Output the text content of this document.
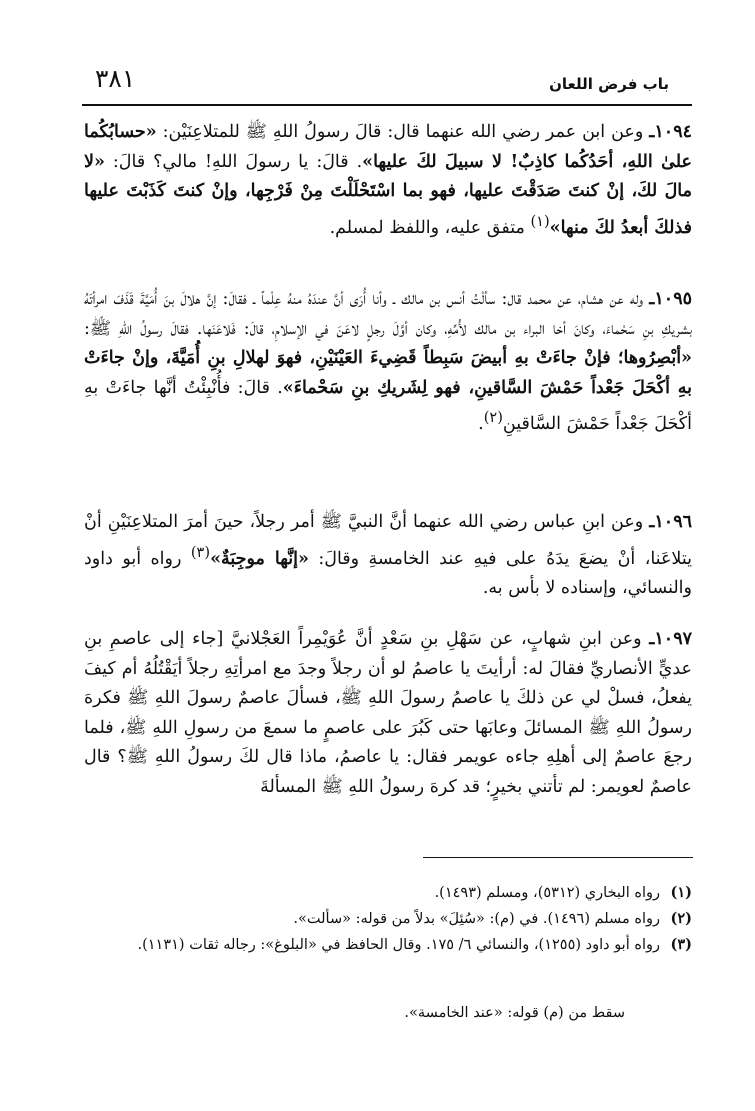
باب فرض اللعان
٣٨١

١٠٩٤ـ وعن ابن عمر رضي الله عنهما قال: قالَ رسولُ اللهِ ﷺ للمتلاعِنَيْن: «حسابُكُما علىٰ اللهِ، أحَدُكُما كاذِبٌ! لا سبيلَ لكَ عليها». قالَ: يا رسولَ اللهِ! مالي؟ قالَ: «لا مالَ لكَ، إنْ كنتَ صَدَقْتَ عليها، فهو بما اسْتَحْلَلْتَ مِنْ فَرْجِها، وإنْ كنتَ كَذَبْتَ عليها فذلكَ أبعدُ لكَ منها»$^{(١)}$ متفق عليه، واللفظ لمسلم.

١٠٩٥ـ وله عن هشام، عن محمد قال: سألْتُ أنس بن مالك ـ وأنا أُرَى أنَّ عندَهُ منهُ عِلْماً ـ فقالَ: إنَّ هلالَ بنَ أُمَيَّةَ قَذَفَ امرأتَهُ بشريكِ بنِ سَحْماءَ، وكانَ أخا البراء بن مالك لأُمِّهِ، وكان أوَّلَ رجلٍ لاعَنَ في الإسلامِ، قالَ: فَلاعَنَها. فقالَ رسولُ اللهِ ﷺ: «أبْصِرُوها؛ فإنْ جاءَتْ بهِ أبيضَ سَبِطاً قَضِيءَ العَيْنَيْنِ، فهوَ لهلالِ بنِ أُمَيَّةَ، وإنْ جاءَتْ بهِ أكْحَلَ جَعْداً حَمْشَ السَّاقينِ، فهو لِشَريكِ بنِ سَحْماءَ». قالَ: فأُنْبِئْتُ أنَّها جاءَتْ بهِ أكْحَلَ جَعْداً حَمْشَ السَّاقينِ$^{(٢)}$.

١٠٩٦ـ وعن ابنِ عباس رضي الله عنهما أنَّ النبيَّ ﷺ أمر رجلاً، حينَ أمرَ المتلاعِنَيْنِ أنْ يتلاعَنا، أنْ يضعَ يدَهُ على فيهِ عند الخامسةِ وقالَ: «إنَّها موجِبَةٌ»$^{(٣)}$ رواه أبو داود والنسائي، وإسناده لا بأس به.

١٠٩٧ـ وعن ابنِ شهابٍ، عن سَهْلِ بنِ سَعْدٍ أنَّ عُوَيْمِراً العَجْلانيَّ [جاء إلى عاصمِ بنِ عديٍّ الأنصاريِّ فقالَ له: أرأيتَ يا عاصمُ لو أن رجلاً وجدَ مع امرأتِهِ رجلاً أيَقْتُلُهُ أم كيفَ يفعلُ، فسلْ لي عن ذلكَ يا عاصمُ رسولَ اللهِ ﷺ، فسألَ عاصمٌ رسولَ اللهِ ﷺ فكرهَ رسولُ اللهِ ﷺ المسائلَ وعابَها حتى كَبُرَ على عاصمٍ ما سمعَ من رسولِ اللهِ ﷺ، فلما رجعَ عاصمٌ إلى أهلِهِ جاءه عويمر فقال: يا عاصمُ، ماذا قال لكَ رسولُ اللهِ ﷺ؟ قال عاصمٌ لعويمر: لم تأتني بخيرٍ؛ قد كرهَ رسولُ اللهِ ﷺ المسألةَ

(١)رواه البخاري (٥٣١٢)، ومسلم (١٤٩٣).
(٢)رواه مسلم (١٤٩٦). في (م): «سُئِلَ» بدلاً من قوله: «سألت».
(٣)رواه أبو داود (١٢٥٥)، والنسائي ٦/ ١٧٥. وقال الحافظ في «البلوغ»: رجاله ثقات (١١٣١).
سقط من (م) قوله: «عند الخامسة».
